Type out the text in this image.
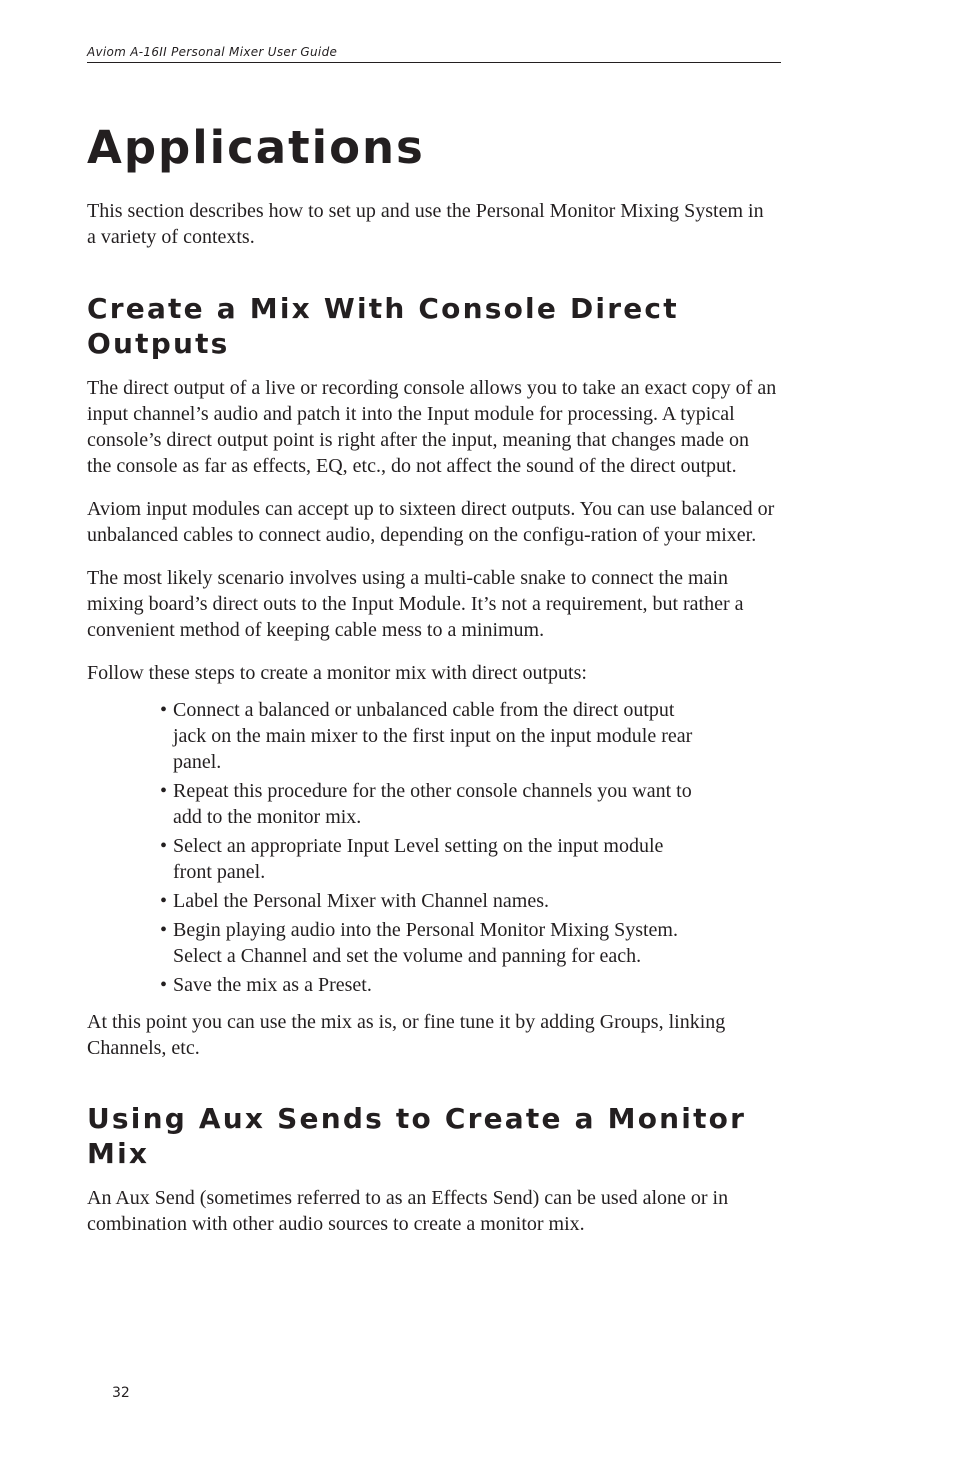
Aviom A-16II Personal Mixer User Guide
Applications

This section describes how to set up and use the Personal Monitor Mixing System in a variety of contexts.

Create a Mix With Console Direct Outputs

The direct output of a live or recording console allows you to take an exact copy of an input channel’s audio and patch it into the Input module for processing. A typical console’s direct output point is right after the input, meaning that changes made on the console as far as effects, EQ, etc., do not affect the sound of the direct output.

Aviom input modules can accept up to sixteen direct outputs. You can use balanced or unbalanced cables to connect audio, depending on the configu-ration of your mixer.

The most likely scenario involves using a multi-cable snake to connect the main mixing board’s direct outs to the Input Module. It’s not a requirement, but rather a convenient method of keeping cable mess to a minimum.

Follow these steps to create a monitor mix with direct outputs:

• Connect a balanced or unbalanced cable from the direct output jack on the main mixer to the first input on the input module rear panel.
• Repeat this procedure for the other console channels you want to add to the monitor mix.
• Select an appropriate Input Level setting on the input module front panel.
• Label the Personal Mixer with Channel names.
• Begin playing audio into the Personal Monitor Mixing System. Select a Channel and set the volume and panning for each.
• Save the mix as a Preset.

At this point you can use the mix as is, or fine tune it by adding Groups, linking Channels, etc.

Using Aux Sends to Create a Monitor Mix

An Aux Send (sometimes referred to as an Effects Send) can be used alone or in combination with other audio sources to create a monitor mix.

32
